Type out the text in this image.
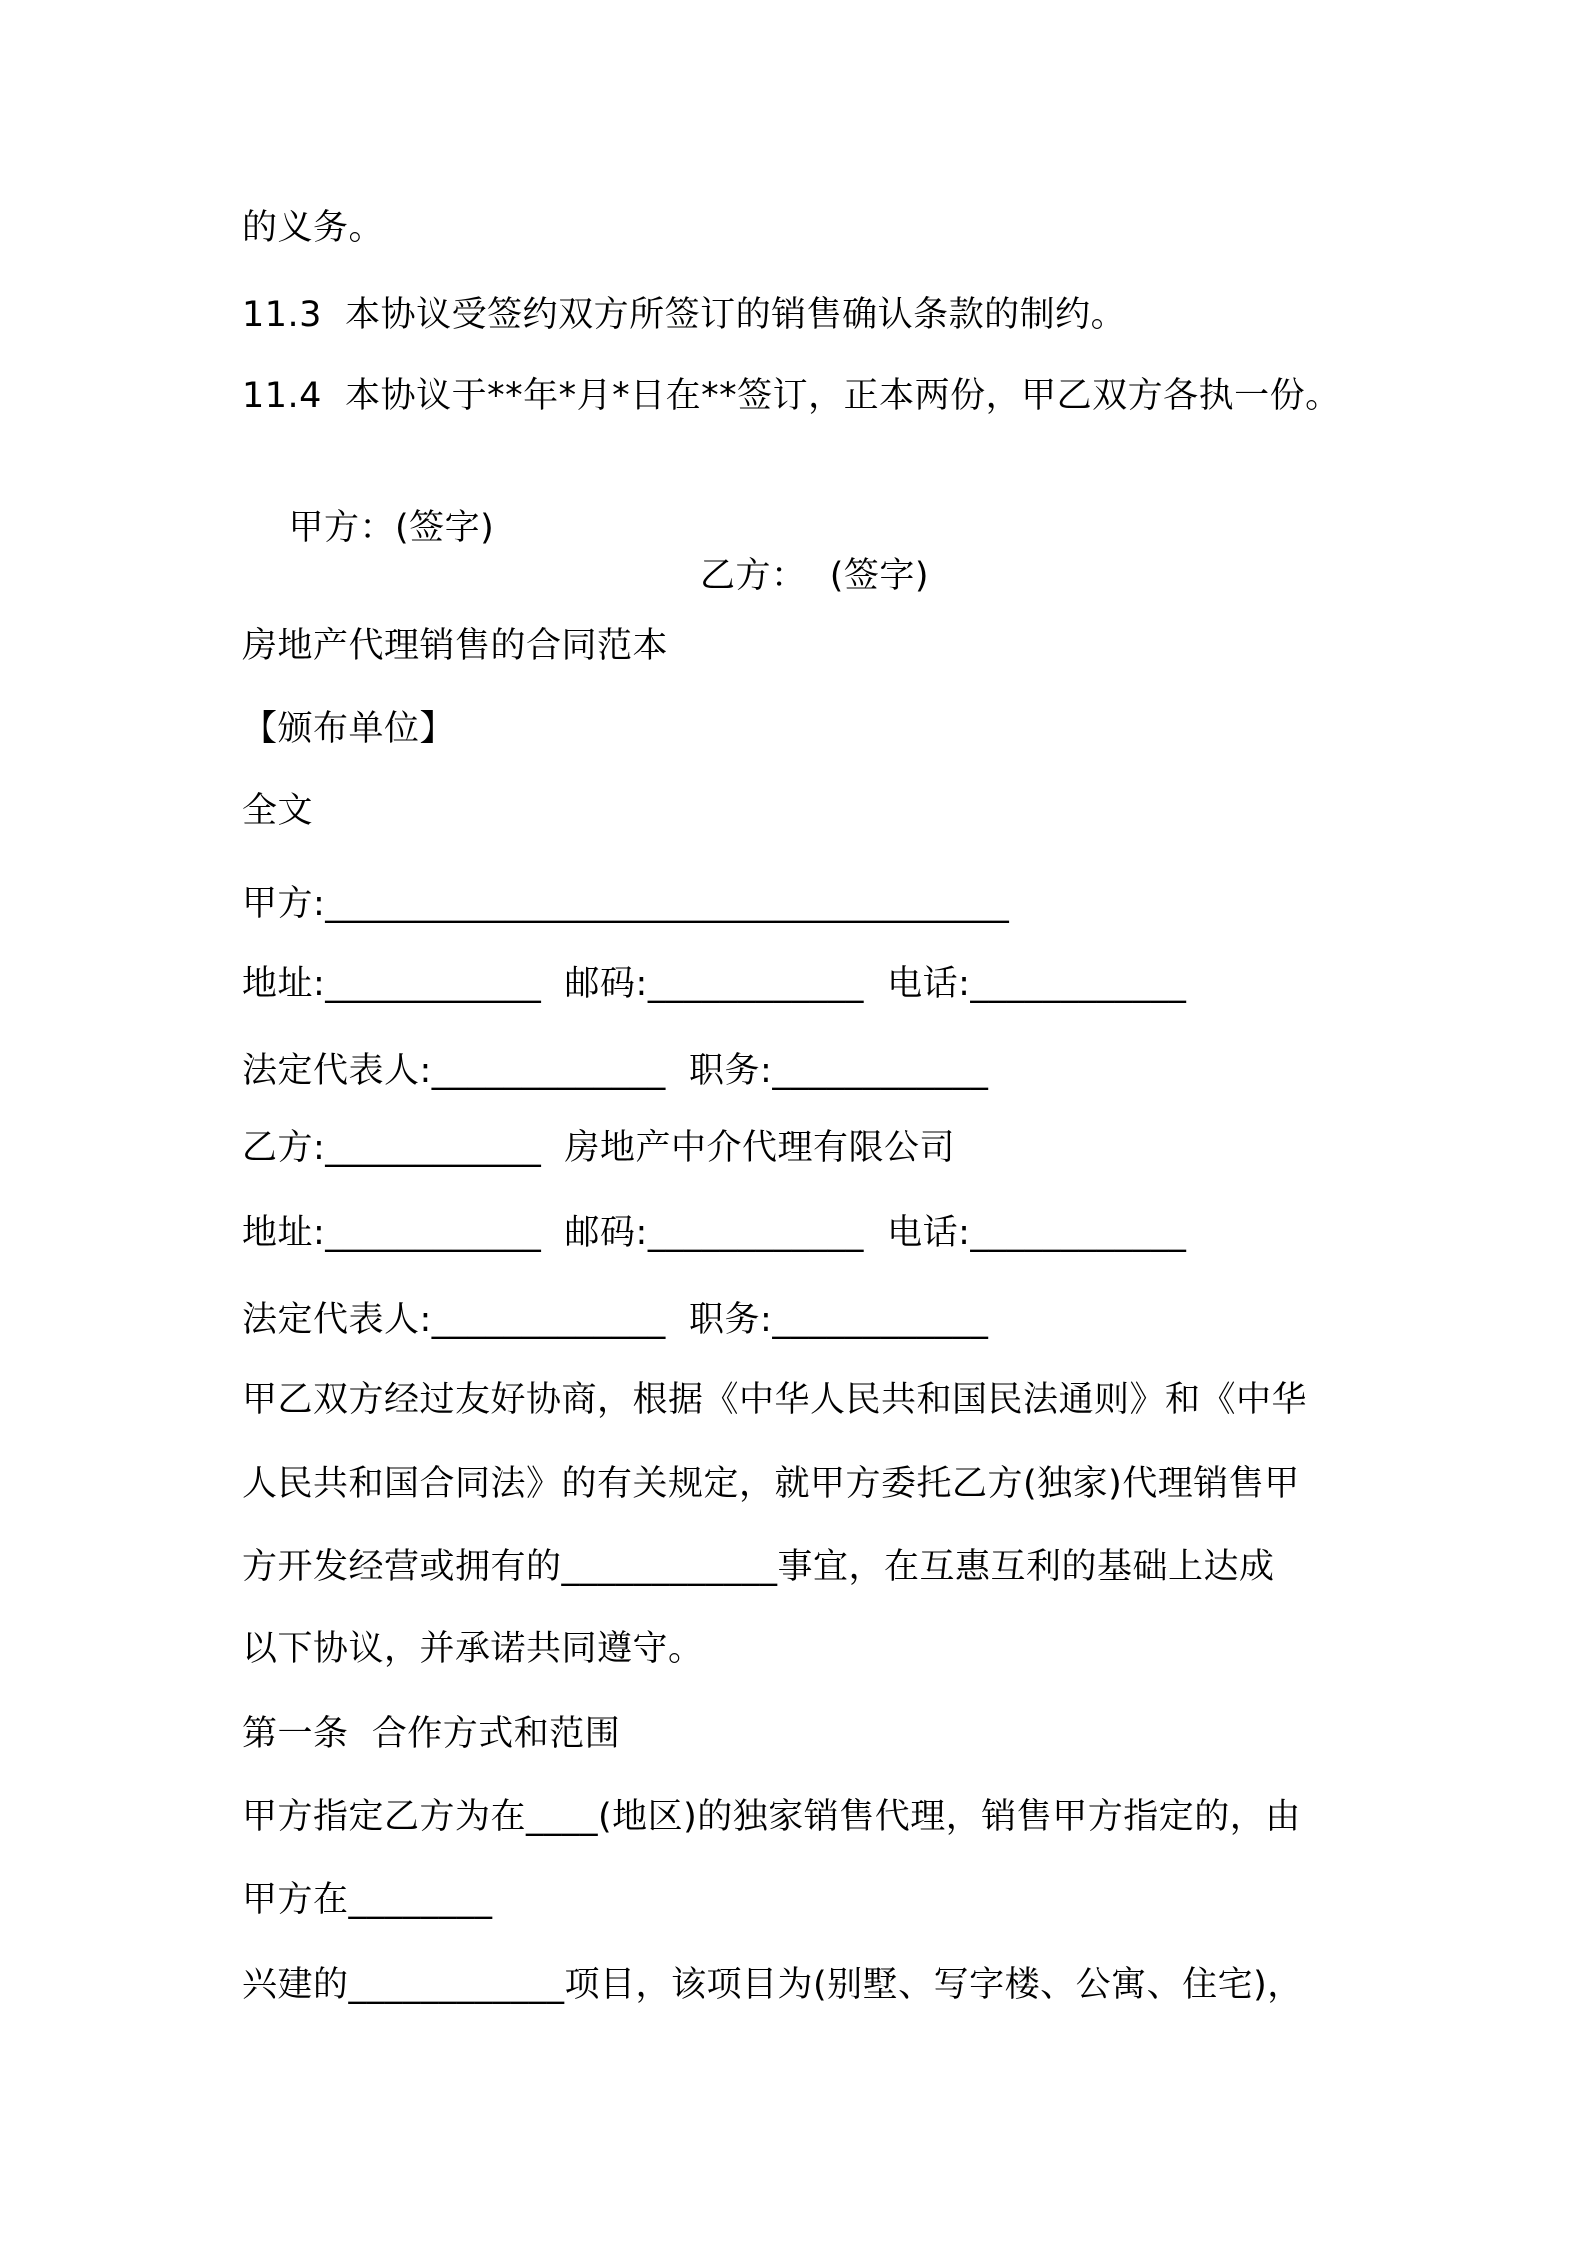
的义务。
11.3  本协议受签约双方所签订的销售确认条款的制约。
11.4  本协议于**年*月*日在**签订，正本两份，甲乙双方各执一份。

甲方：(签字)

乙方：  (签字)

房地产代理销售的合同范本
【颁布单位】
全文
甲方:______________________________________
地址:____________  邮码:____________  电话:____________
法定代表人:_____________  职务:____________
乙方:____________  房地产中介代理有限公司
地址:____________  邮码:____________  电话:____________
法定代表人:_____________  职务:____________
甲乙双方经过友好协商，根据《中华人民共和国民法通则》和《中华
人民共和国合同法》的有关规定，就甲方委托乙方(独家)代理销售甲
方开发经营或拥有的____________事宜，在互惠互利的基础上达成
以下协议，并承诺共同遵守。
第一条  合作方式和范围
甲方指定乙方为在____(地区)的独家销售代理，销售甲方指定的，由
甲方在________
兴建的____________项目，该项目为(别墅、写字楼、公寓、住宅)，
